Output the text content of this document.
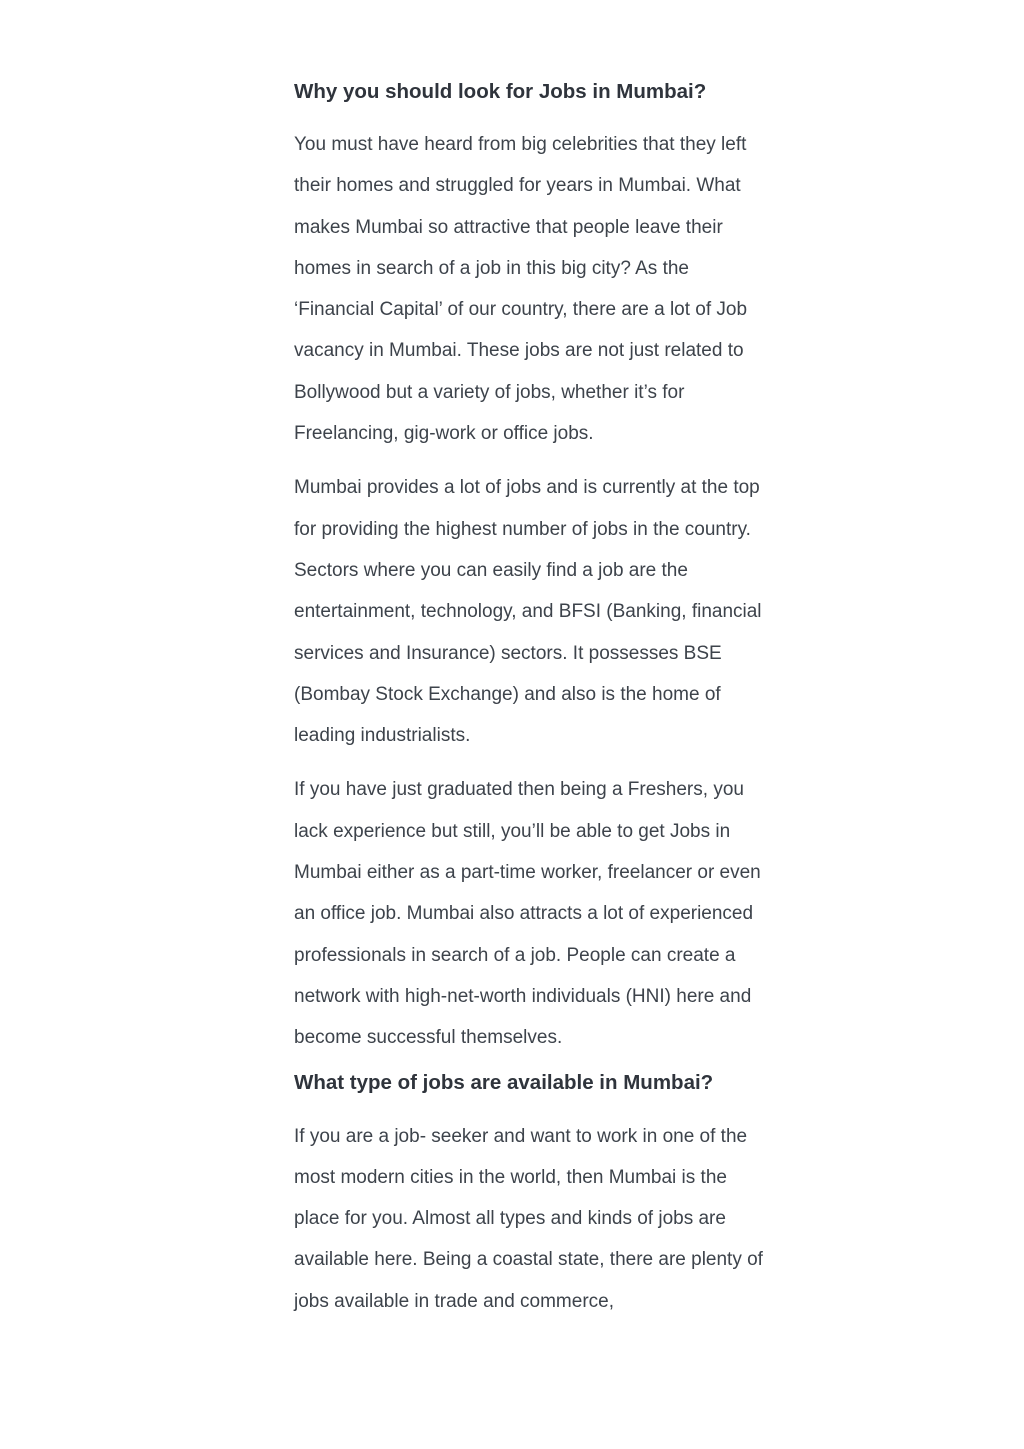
Why you should look for Jobs in Mumbai?

You must have heard from big celebrities that they left their homes and struggled for years in Mumbai. What makes Mumbai so attractive that people leave their homes in search of a job in this big city? As the ‘Financial Capital’ of our country, there are a lot of Job vacancy in Mumbai. These jobs are not just related to Bollywood but a variety of jobs, whether it’s for Freelancing, gig-work or office jobs.

Mumbai provides a lot of jobs and is currently at the top for providing the highest number of jobs in the country. Sectors where you can easily find a job are the entertainment, technology, and BFSI (Banking, financial services and Insurance) sectors. It possesses BSE (Bombay Stock Exchange) and also is the home of leading industrialists.

If you have just graduated then being a Freshers, you lack experience but still, you’ll be able to get Jobs in Mumbai either as a part-time worker, freelancer or even an office job. Mumbai also attracts a lot of experienced professionals in search of a job. People can create a network with high-net-worth individuals (HNI) here and become successful themselves.

What type of jobs are available in Mumbai?

If you are a job- seeker and want to work in one of the most modern cities in the world, then Mumbai is the place for you. Almost all types and kinds of jobs are available here. Being a coastal state, there are plenty of jobs available in trade and commerce,
